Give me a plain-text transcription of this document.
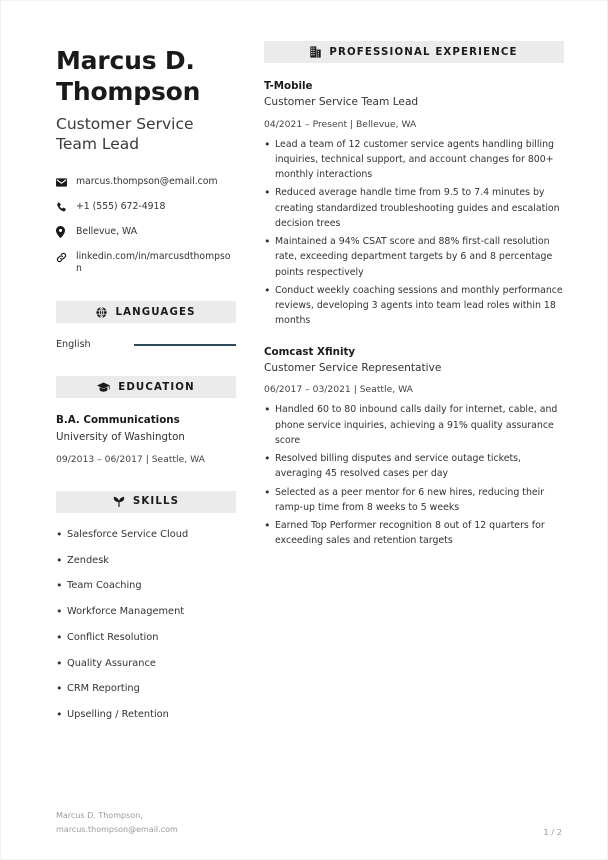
Marcus D. Thompson
Customer Service Team Lead
marcus.thompson@email.com
+1 (555) 672-4918
Bellevue, WA
linkedin.com/in/marcusdthompson
LANGUAGES
English
EDUCATION
B.A. Communications
University of Washington
09/2013 – 06/2017 | Seattle, WA
SKILLS
• Salesforce Service Cloud
• Zendesk
• Team Coaching
• Workforce Management
• Conflict Resolution
• Quality Assurance
• CRM Reporting
• Upselling / Retention
PROFESSIONAL EXPERIENCE
T-Mobile
Customer Service Team Lead
04/2021 – Present | Bellevue, WA
• Lead a team of 12 customer service agents handling billing inquiries, technical support, and account changes for 800+ monthly interactions
• Reduced average handle time from 9.5 to 7.4 minutes by creating standardized troubleshooting guides and escalation decision trees
• Maintained a 94% CSAT score and 88% first-call resolution rate, exceeding department targets by 6 and 8 percentage points respectively
• Conduct weekly coaching sessions and monthly performance reviews, developing 3 agents into team lead roles within 18 months
Comcast Xfinity
Customer Service Representative
06/2017 – 03/2021 | Seattle, WA
• Handled 60 to 80 inbound calls daily for internet, cable, and phone service inquiries, achieving a 91% quality assurance score
• Resolved billing disputes and service outage tickets, averaging 45 resolved cases per day
• Selected as a peer mentor for 6 new hires, reducing their ramp-up time from 8 weeks to 5 weeks
• Earned Top Performer recognition 8 out of 12 quarters for exceeding sales and retention targets
Marcus D. Thompson,
marcus.thompson@email.com	1 / 2
